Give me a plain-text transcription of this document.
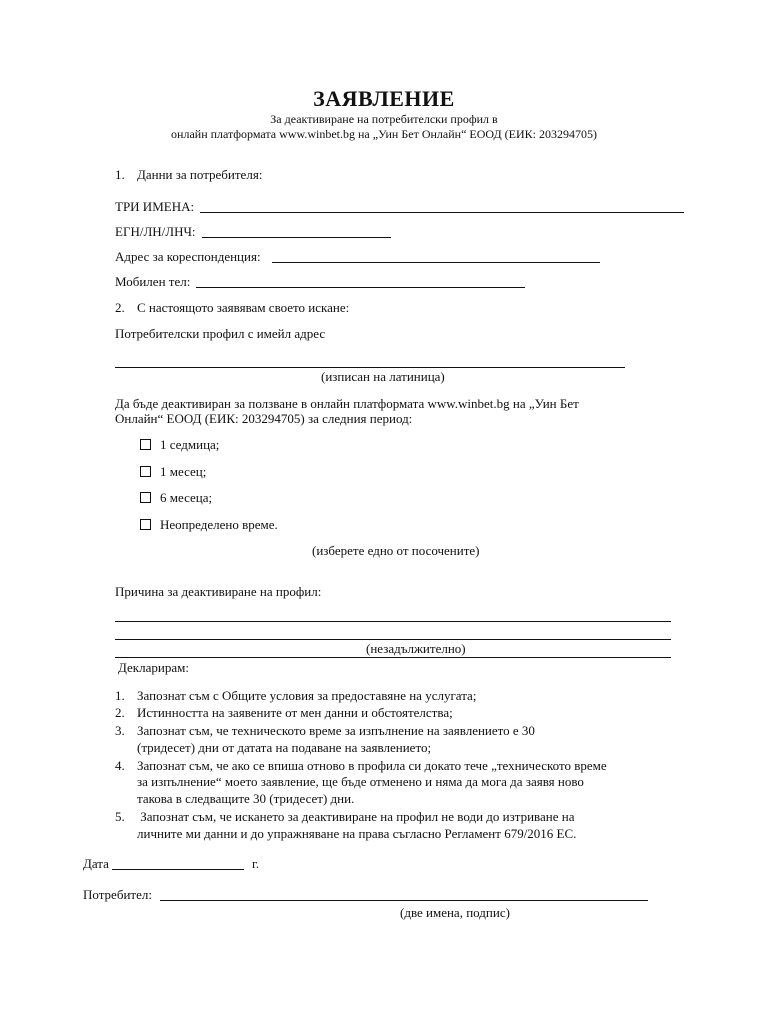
ЗАЯВЛЕНИЕ
За деактивиране на потребителски профил в
онлайн платформата www.winbet.bg на „Уин Бет Онлайн“ ЕООД (ЕИК: 203294705)
1. Данни за потребителя:
ТРИ ИМЕНА:
ЕГН/ЛН/ЛНЧ:
Адрес за кореспонденция:
Мобилен тел:
2. С настоящото заявявам своето искане:
Потребителски профил с имейл адрес
(изписан на латиница)
Да бъде деактивиран за ползване в онлайн платформата www.winbet.bg на „Уин Бет
Онлайн“ ЕООД (ЕИК: 203294705) за следния период:
1 седмица;
1 месец;
6 месеца;
Неопределено време.
(изберете едно от посочените)
Причина за деактивиране на профил:
(незадължително)
Декларирам:
1. Запознат съм с Общите условия за предоставяне на услугата;
2. Истинността на заявените от мен данни и обстоятелства;
3. Запознат съм, че техническото време за изпълнение на заявлението е 30
(тридесет) дни от датата на подаване на заявлението;
4. Запознат съм, че ако се впиша отново в профила си докато тече „техническото време
за изпълнение“ моето заявление, ще бъде отменено и няма да мога да заявя ново
такова в следващите 30 (тридесет) дни.
5. Запознат съм, че искането за деактивиране на профил не води до изтриване на
личните ми данни и до упражняване на права съгласно Регламент 679/2016 ЕС.
Дата	г.
Потребител:
(две имена, подпис)
